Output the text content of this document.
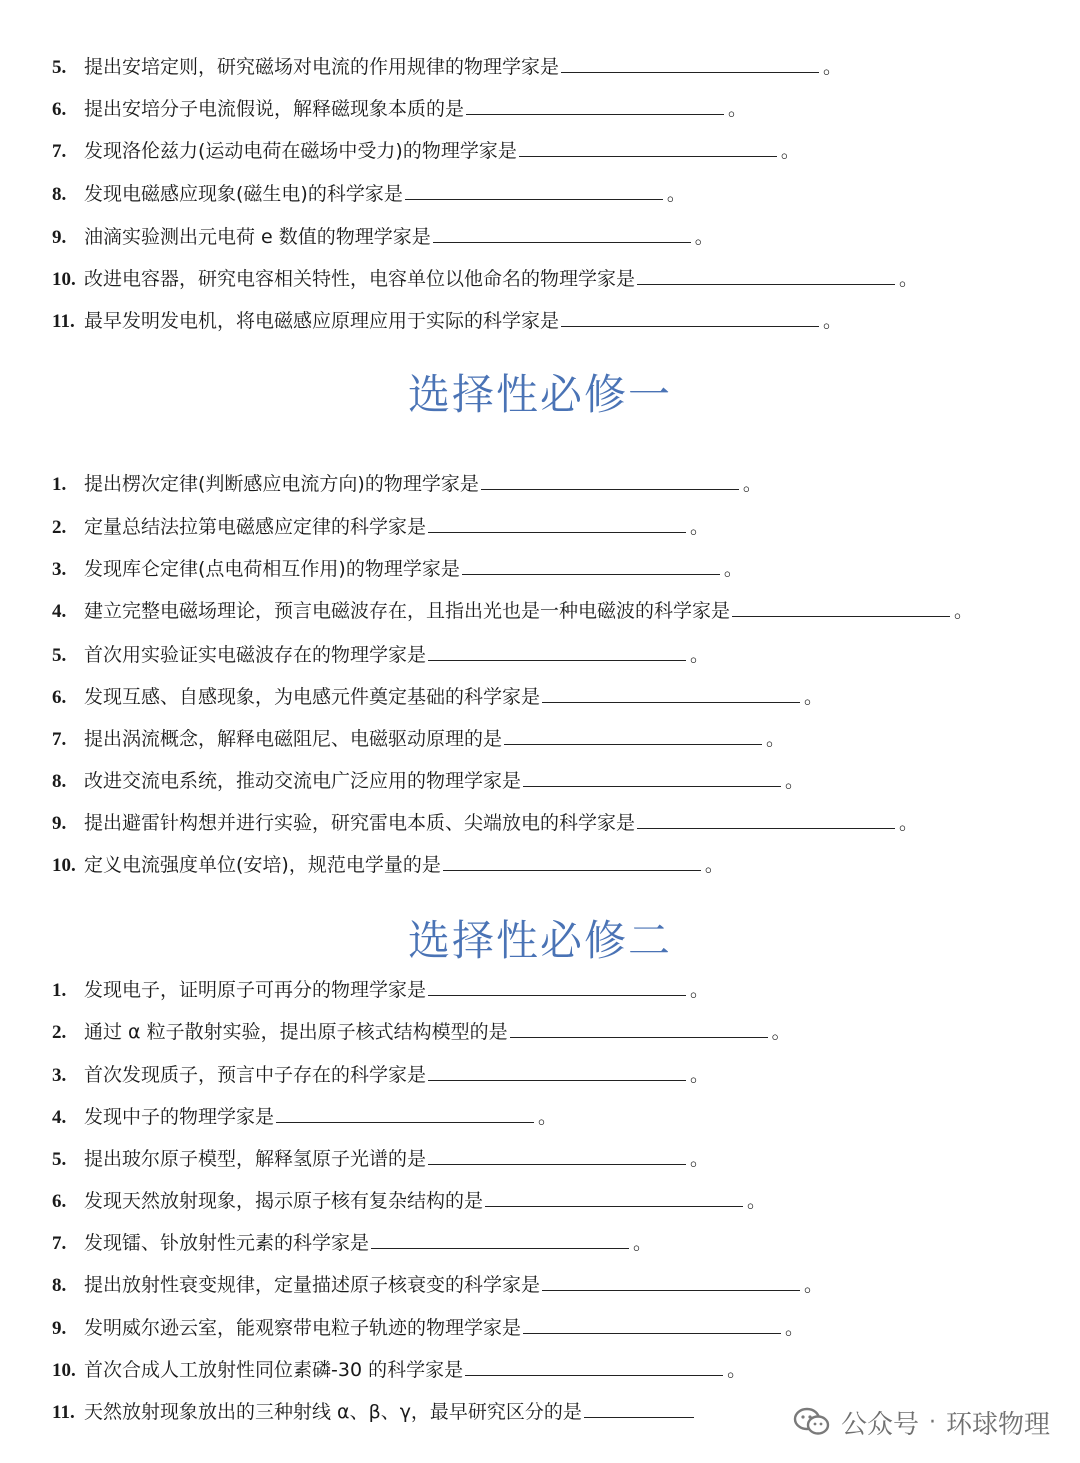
5. 提出安培定则，研究磁场对电流的作用规律的物理学家是	。
6. 提出安培分子电流假说，解释磁现象本质的是	。
7. 发现洛伦兹力(运动电荷在磁场中受力)的物理学家是	。
8. 发现电磁感应现象(磁生电)的科学家是	。
9. 油滴实验测出元电荷 e 数值的物理学家是	。
10. 改进电容器，研究电容相关特性，电容单位以他命名的物理学家是	。
11. 最早发明发电机，将电磁感应原理应用于实际的科学家是	。
选择性必修一
1. 提出楞次定律(判断感应电流方向)的物理学家是	。
2. 定量总结法拉第电磁感应定律的科学家是	。
3. 发现库仑定律(点电荷相互作用)的物理学家是	。
4. 建立完整电磁场理论，预言电磁波存在，且指出光也是一种电磁波的科学家是	。
5. 首次用实验证实电磁波存在的物理学家是	。
6. 发现互感、自感现象，为电感元件奠定基础的科学家是	。
7. 提出涡流概念，解释电磁阻尼、电磁驱动原理的是	。
8. 改进交流电系统，推动交流电广泛应用的物理学家是	。
9. 提出避雷针构想并进行实验，研究雷电本质、尖端放电的科学家是	。
10. 定义电流强度单位(安培)，规范电学量的是	。
选择性必修二
1. 发现电子，证明原子可再分的物理学家是	。
2. 通过 α 粒子散射实验，提出原子核式结构模型的是	。
3. 首次发现质子，预言中子存在的科学家是	。
4. 发现中子的物理学家是	。
5. 提出玻尔原子模型，解释氢原子光谱的是	。
6. 发现天然放射现象，揭示原子核有复杂结构的是	。
7. 发现镭、钋放射性元素的科学家是	。
8. 提出放射性衰变规律，定量描述原子核衰变的科学家是	。
9. 发明威尔逊云室，能观察带电粒子轨迹的物理学家是	。
10. 首次合成人工放射性同位素磷-30 的科学家是	。
11. 天然放射现象放出的三种射线 α、β、γ，最早研究区分的是	公众号 · 环球物理
